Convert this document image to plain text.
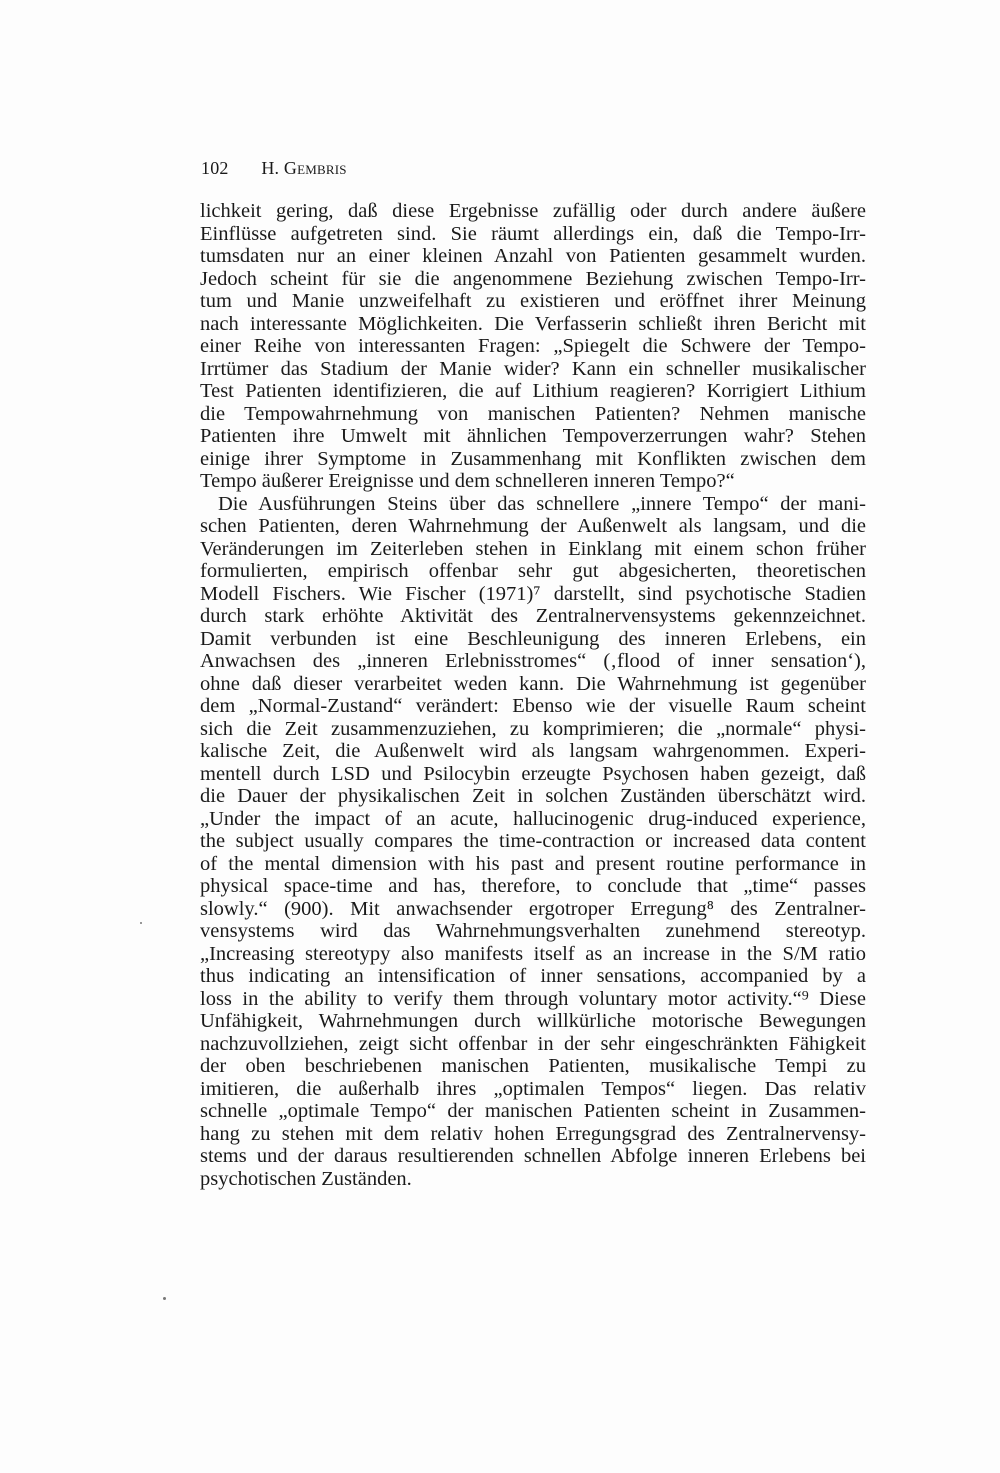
102 H. Gembris
lichkeit gering, daß diese Ergebnisse zufällig oder durch andere äußere
Einflüsse aufgetreten sind. Sie räumt allerdings ein, daß die Tempo-Irr-
tumsdaten nur an einer kleinen Anzahl von Patienten gesammelt wurden.
Jedoch scheint für sie die angenommene Beziehung zwischen Tempo-Irr-
tum und Manie unzweifelhaft zu existieren und eröffnet ihrer Meinung
nach interessante Möglichkeiten. Die Verfasserin schließt ihren Bericht mit
einer Reihe von interessanten Fragen: „Spiegelt die Schwere der Tempo-
Irrtümer das Stadium der Manie wider? Kann ein schneller musikalischer
Test Patienten identifizieren, die auf Lithium reagieren? Korrigiert Lithium
die Tempowahrnehmung von manischen Patienten? Nehmen manische
Patienten ihre Umwelt mit ähnlichen Tempoverzerrungen wahr? Stehen
einige ihrer Symptome in Zusammenhang mit Konflikten zwischen dem
Tempo äußerer Ereignisse und dem schnelleren inneren Tempo?“
Die Ausführungen Steins über das schnellere „innere Tempo“ der mani-
schen Patienten, deren Wahrnehmung der Außenwelt als langsam, und die
Veränderungen im Zeiterleben stehen in Einklang mit einem schon früher
formulierten, empirisch offenbar sehr gut abgesicherten, theoretischen
Modell Fischers. Wie Fischer (1971)⁷ darstellt, sind psychotische Stadien
durch stark erhöhte Aktivität des Zentralnervensystems gekennzeichnet.
Damit verbunden ist eine Beschleunigung des inneren Erlebens, ein
Anwachsen des „inneren Erlebnisstromes“ (‚flood of inner sensation‘),
ohne daß dieser verarbeitet weden kann. Die Wahrnehmung ist gegenüber
dem „Normal-Zustand“ verändert: Ebenso wie der visuelle Raum scheint
sich die Zeit zusammenzuziehen, zu komprimieren; die „normale“ physi-
kalische Zeit, die Außenwelt wird als langsam wahrgenommen. Experi-
mentell durch LSD und Psilocybin erzeugte Psychosen haben gezeigt, daß
die Dauer der physikalischen Zeit in solchen Zuständen überschätzt wird.
„Under the impact of an acute, hallucinogenic drug-induced experience,
the subject usually compares the time-contraction or increased data content
of the mental dimension with his past and present routine performance in
physical space-time and has, therefore, to conclude that „time“ passes
slowly.“ (900). Mit anwachsender ergotroper Erregung⁸ des Zentralner-
vensystems wird das Wahrnehmungsverhalten zunehmend stereotyp.
„Increasing stereotypy also manifests itself as an increase in the S/M ratio
thus indicating an intensification of inner sensations, accompanied by a
loss in the ability to verify them through voluntary motor activity.“⁹ Diese
Unfähigkeit, Wahrnehmungen durch willkürliche motorische Bewegungen
nachzuvollziehen, zeigt sicht offenbar in der sehr eingeschränkten Fähigkeit
der oben beschriebenen manischen Patienten, musikalische Tempi zu
imitieren, die außerhalb ihres „optimalen Tempos“ liegen. Das relativ
schnelle „optimale Tempo“ der manischen Patienten scheint in Zusammen-
hang zu stehen mit dem relativ hohen Erregungsgrad des Zentralnervensy-
stems und der daraus resultierenden schnellen Abfolge inneren Erlebens bei
psychotischen Zuständen.
